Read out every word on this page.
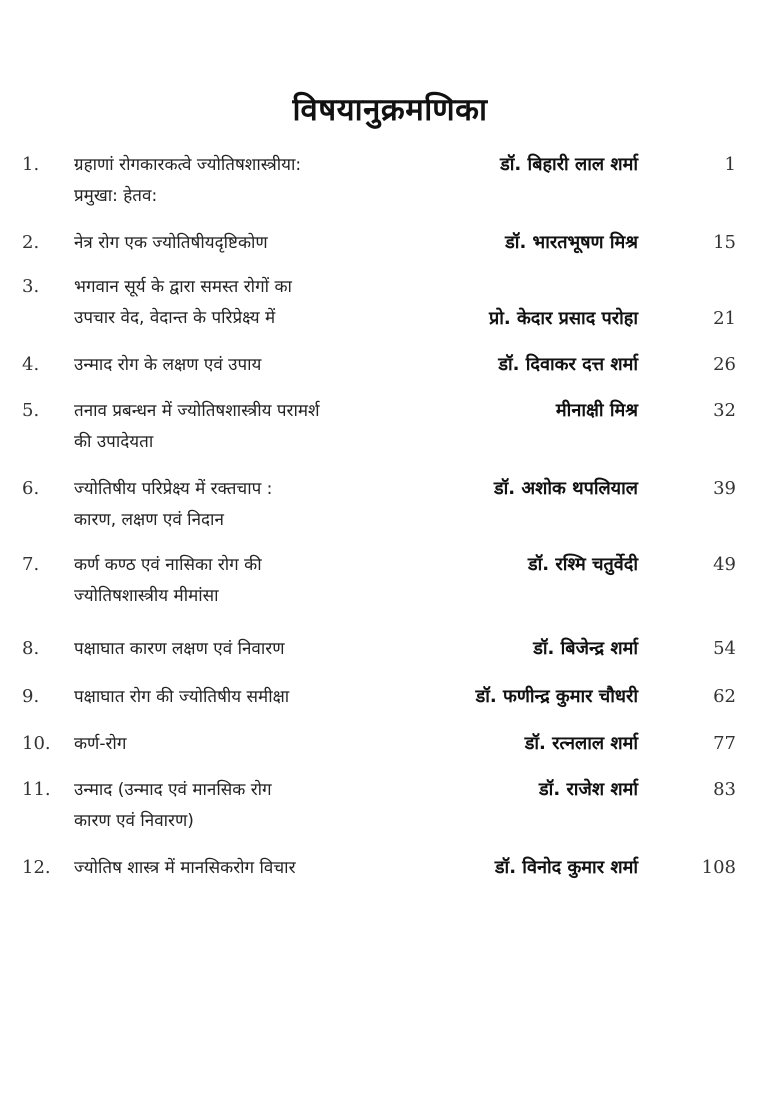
विषयानुक्रमणिका
1. ग्रहाणां रोगकारकत्वे ज्योतिषशास्त्रीया:
प्रमुखा: हेतव:
डॉ. बिहारी लाल शर्मा	1
2. नेत्र रोग एक ज्योतिषीयदृष्टिकोण	डॉ. भारतभूषण मिश्र	15
3. भगवान सूर्य के द्वारा समस्त रोगों का
उपचार वेद, वेदान्त के परिप्रेक्ष्य में	प्रो. केदार प्रसाद परोहा	21
4. उन्माद रोग के लक्षण एवं उपाय	डॉ. दिवाकर दत्त शर्मा	26
5. तनाव प्रबन्धन में ज्योतिषशास्त्रीय परामर्श
की उपादेयता
मीनाक्षी मिश्र	32
6. ज्योतिषीय परिप्रेक्ष्य में रक्तचाप :
कारण, लक्षण एवं निदान
डॉ. अशोक थपलियाल	39
7. कर्ण कण्ठ एवं नासिका रोग की
ज्योतिषशास्त्रीय मीमांसा
डॉ. रश्मि चतुर्वेदी	49
8. पक्षाघात कारण लक्षण एवं निवारण	डॉ. बिजेन्द्र शर्मा	54
9. पक्षाघात रोग की ज्योतिषीय समीक्षा	डॉ. फणीन्द्र कुमार चौधरी	62
10. कर्ण-रोग	डॉ. रत्नलाल शर्मा	77
11. उन्माद (उन्माद एवं मानसिक रोग
कारण एवं निवारण)
डॉ. राजेश शर्मा	83
12. ज्योतिष शास्त्र में मानसिकरोग विचार	डॉ. विनोद कुमार शर्मा	108
